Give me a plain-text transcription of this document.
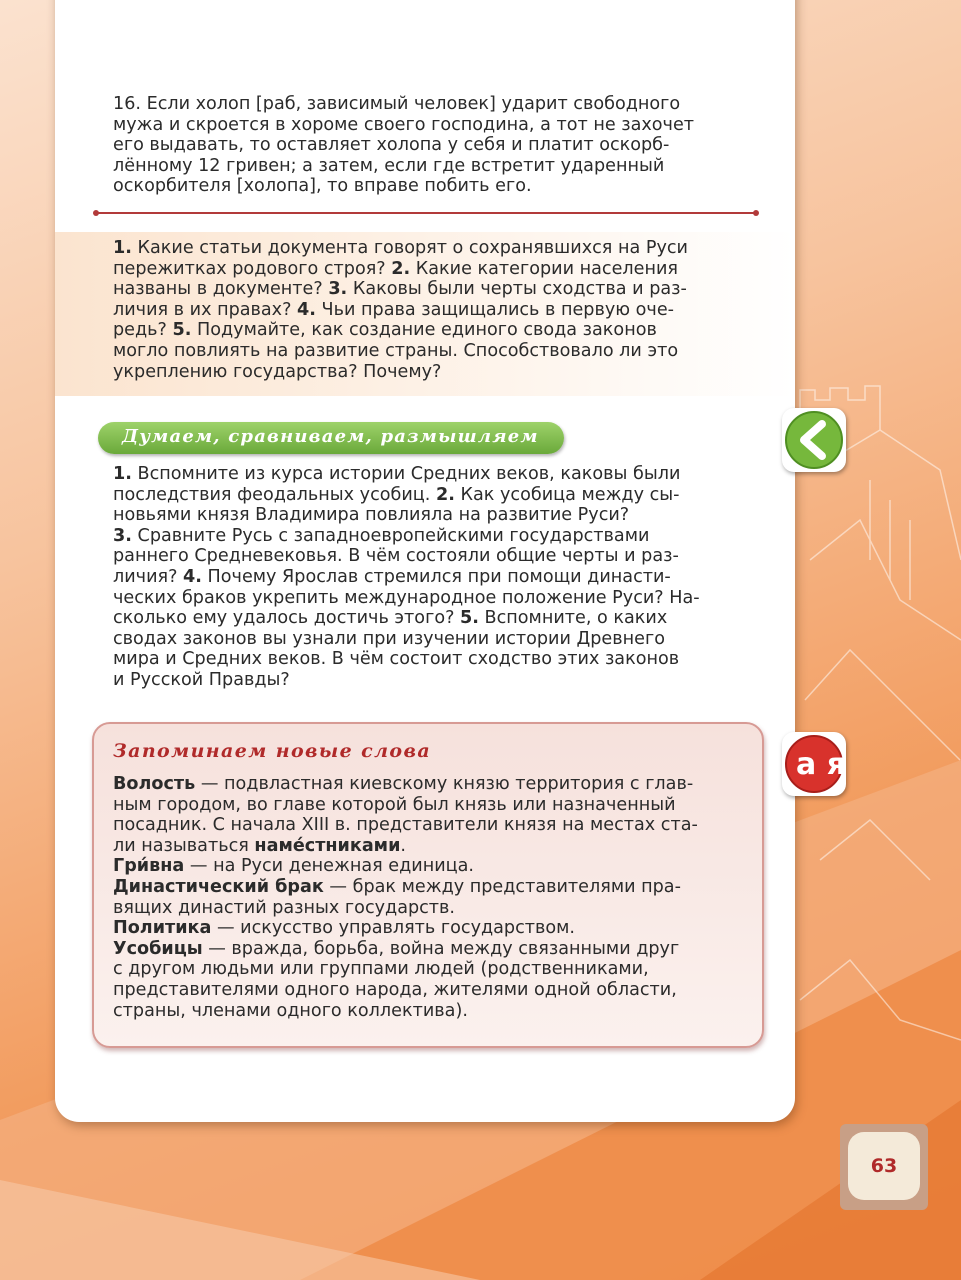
16. Если холоп [раб, зависимый человек] ударит свободного
мужа и скроется в хороме своего господина, а тот не захочет
его выдавать, то оставляет холопа у себя и платит оскорб-
лённому 12 гривен; а затем, если где встретит ударенный
оскорбителя [холопа], то вправе побить его.
1. Какие статьи документа говорят о сохранявшихся на Руси
пережитках родового строя? 2. Какие категории населения
названы в документе? 3. Каковы были черты сходства и раз-
личия в их правах? 4. Чьи права защищались в первую оче-
редь? 5. Подумайте, как создание единого свода законов
могло повлиять на развитие страны. Способствовало ли это
укреплению государства? Почему?
Думаем, сравниваем, размышляем
1. Вспомните из курса истории Средних веков, каковы были
последствия феодальных усобиц. 2. Как усобица между сы-
новьями князя Владимира повлияла на развитие Руси?
3. Сравните Русь с западноевропейскими государствами
раннего Средневековья. В чём состояли общие черты и раз-
личия? 4. Почему Ярослав стремился при помощи династи-
ческих браков укрепить международное положение Руси? На-
сколько ему удалось достичь этого? 5. Вспомните, о каких
сводах законов вы узнали при изучении истории Древнего
мира и Средних веков. В чём состоит сходство этих законов
и Русской Правды?
Запоминаем новые слова
Волость — подвластная киевскому князю территория с глав-
ным городом, во главе которой был князь или назначенный
посадник. С начала XIII в. представители князя на местах ста-
ли называться наме́стниками.
Гри́вна — на Руси денежная единица.
Династический брак — брак между представителями пра-
вящих династий разных государств.
Политика — искусство управлять государством.
Усобицы — вражда, борьба, война между связанными друг
с другом людьми или группами людей (родственниками,
представителями одного народа, жителями одной области,
страны, членами одного коллектива).
а я
63
